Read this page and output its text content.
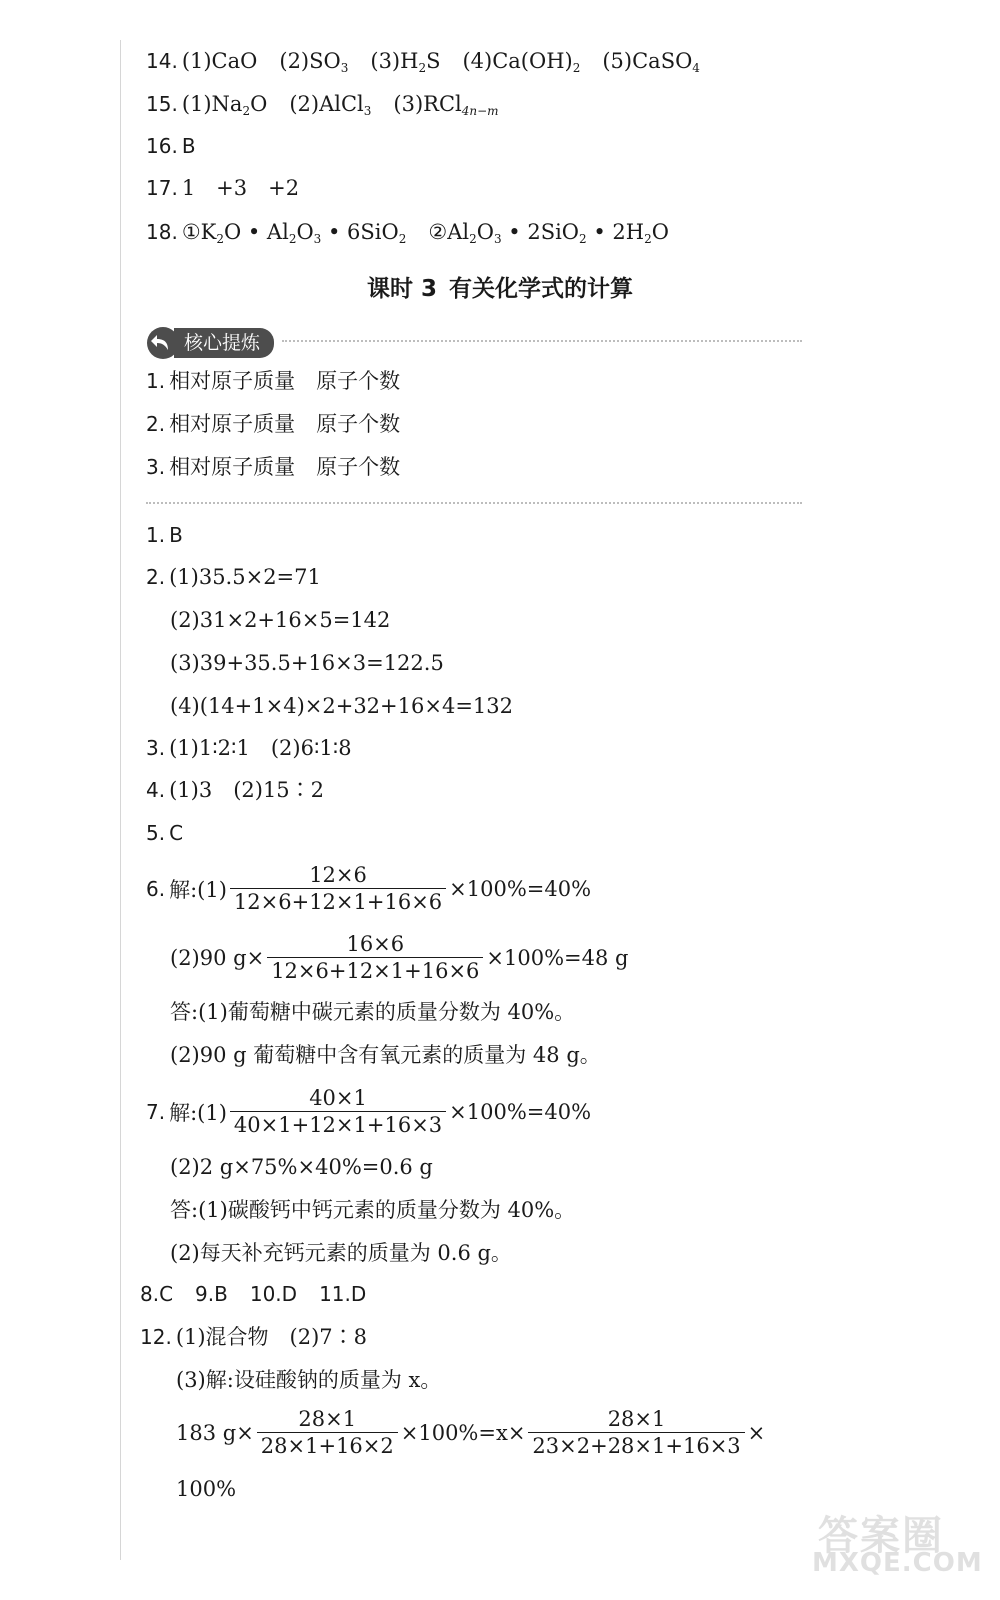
14. (1)CaO $(2)SO_3$ $(3)H_2S$ $(4)Ca(OH)_2$ (5)CaSO$_4$
15. $(1)Na_2O$ (2)AlCl$_3$ (3)RCl$_{4n-m}$
16. B
17. 1　+3　+2
18. $①K_2O$ • $Al_2O_3$ • 6SiO$_2$ $②Al_2O_3$ • 2SiO$_2$ • $2H_2O$
课时 3 有关化学式的计算
核心提炼
1. 相对原子质量　原子个数
2. 相对原子质量　原子个数
3. 相对原子质量　原子个数
1. B
2. (1)35.5×2=71
(2)31×2+16×5=142
(3)39+35.5+16×3=122.5
(4)(14+1×4)×2+32+16×4=132
3. (1)1∶2∶1　(2)6∶1∶8
4. (1)3　(2)15∶2
5. C
6. 解:(1) $\frac{12\times 6}{12\times 6+12\times 1+16\times 6} \times 100\%=40\%$
(2)90 $g\times \frac{16\times 6}{12\times 6+12\times 1+16\times 6} \times 100\%=48$ g
答:(1)葡萄糖中碳元素的质量分数为 40%。
(2)90 g 葡萄糖中含有氧元素的质量为 48 g。
7. 解:(1) $\frac{40\times 1}{40\times 1+12\times 1+16\times 3} \times 100\%=40\%$
(2)2 g×75%×40%=0.6 g
答:(1)碳酸钙中钙元素的质量分数为 40%。
(2)每天补充钙元素的质量为 0.6 g。
8.C 9.B 10.D 11.D
12. (1)混合物　(2)7∶8
(3)解:设硅酸钠的质量为 x。
183 $g\times \frac{28\times 1}{28\times 1+16\times 2} \times 100\%=x\times \frac{28\times 1}{23\times 2+28\times 1+16\times 3}$ ×
100%
答案圈
MXQE.COM
